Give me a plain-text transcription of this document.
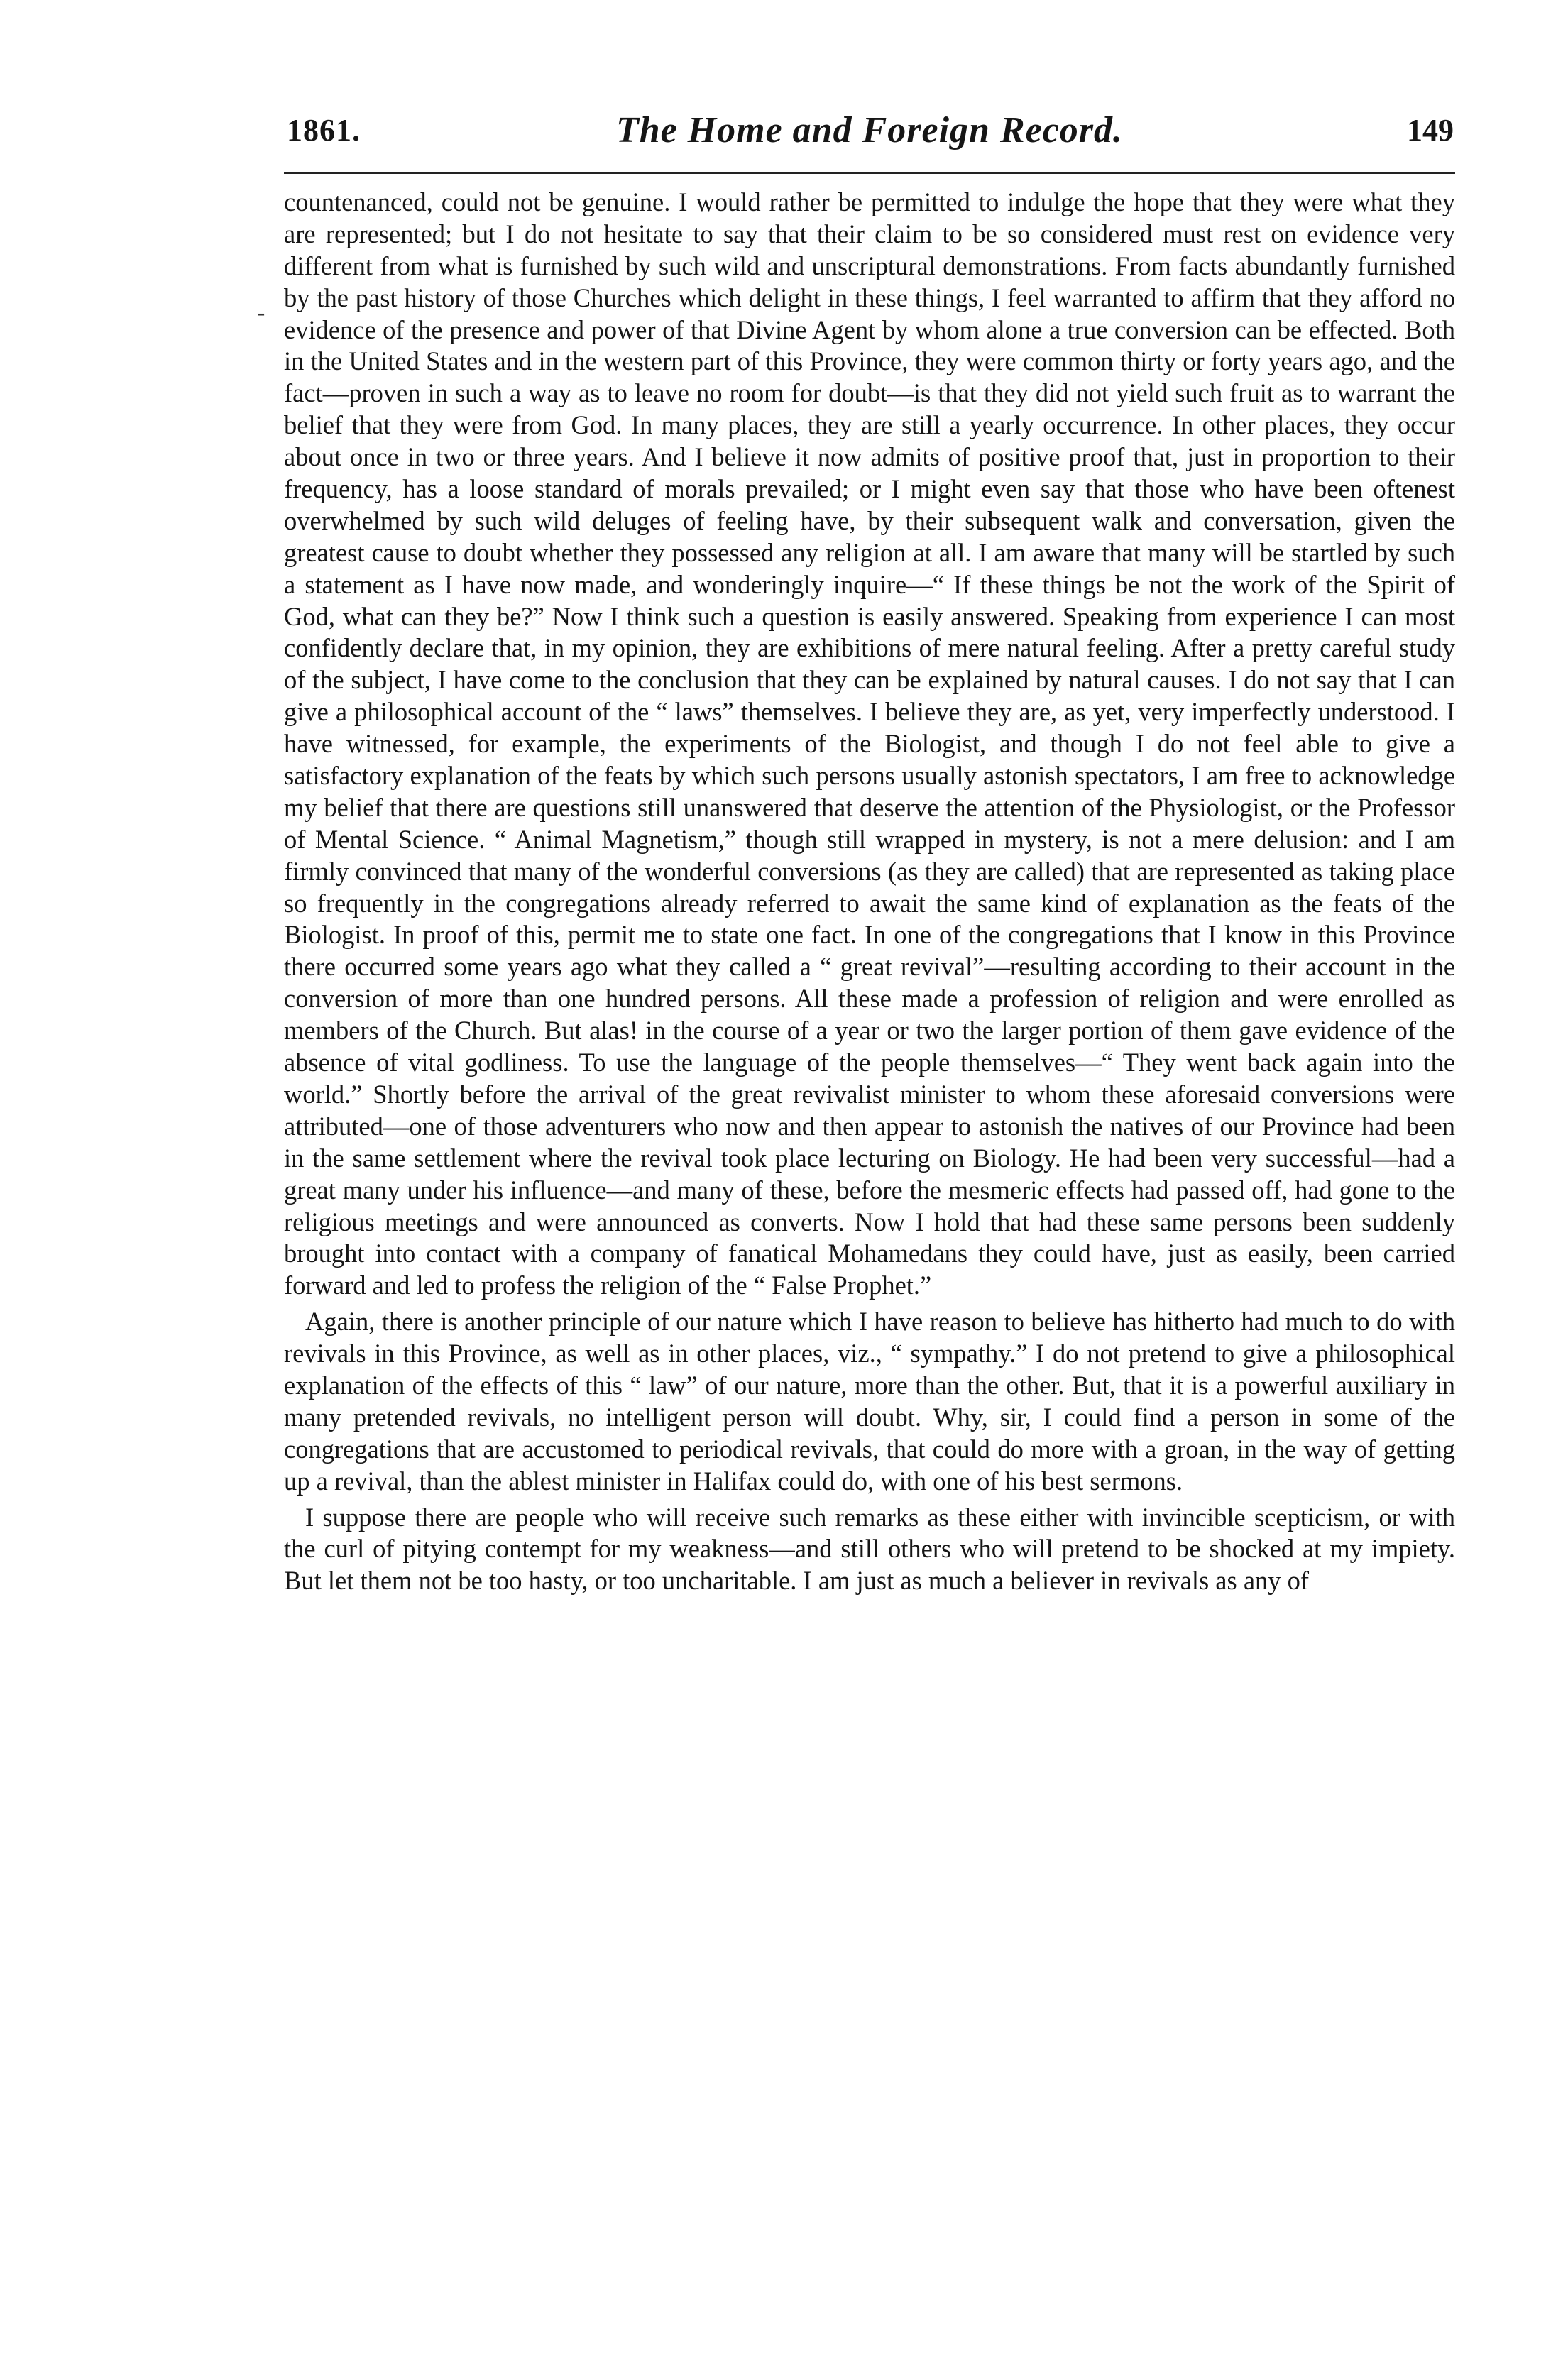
1861.	The Home and Foreign Record.	149

countenanced, could not be genuine. I would rather be permitted to indulge the hope that they were what they are represented; but I do not hesitate to say that their claim to be so considered must rest on evidence very different from what is furnished by such wild and unscriptural demonstrations. From facts abundantly furnished by the past history of those Churches which delight in these things, I feel warranted to affirm that they afford no evidence of the presence and power of that Divine Agent by whom alone a true conversion can be effected. Both in the United States and in the western part of this Province, they were common thirty or forty years ago, and the fact—proven in such a way as to leave no room for doubt—is that they did not yield such fruit as to warrant the belief that they were from God. In many places, they are still a yearly occurrence. In other places, they occur about once in two or three years. And I believe it now admits of positive proof that, just in proportion to their frequency, has a loose standard of morals prevailed; or I might even say that those who have been oftenest overwhelmed by such wild deluges of feeling have, by their subsequent walk and conversation, given the greatest cause to doubt whether they possessed any religion at all. I am aware that many will be startled by such a statement as I have now made, and wonderingly inquire—“ If these things be not the work of the Spirit of God, what can they be?” Now I think such a question is easily answered. Speaking from experience I can most confidently declare that, in my opinion, they are exhibitions of mere natural feeling. After a pretty careful study of the subject, I have come to the conclusion that they can be explained by natural causes. I do not say that I can give a philosophical account of the “ laws” themselves. I believe they are, as yet, very imperfectly understood. I have witnessed, for example, the experiments of the Biologist, and though I do not feel able to give a satisfactory explanation of the feats by which such persons usually astonish spectators, I am free to acknowledge my belief that there are questions still unanswered that deserve the attention of the Physiologist, or the Professor of Mental Science. “ Animal Magnetism,” though still wrapped in mystery, is not a mere delusion: and I am firmly convinced that many of the wonderful conversions (as they are called) that are represented as taking place so frequently in the congregations already referred to await the same kind of explanation as the feats of the Biologist. In proof of this, permit me to state one fact. In one of the congregations that I know in this Province there occurred some years ago what they called a “ great revival”—resulting according to their account in the conversion of more than one hundred persons. All these made a profession of religion and were enrolled as members of the Church. But alas! in the course of a year or two the larger portion of them gave evidence of the absence of vital godliness. To use the language of the people themselves—“ They went back again into the world.” Shortly before the arrival of the great revivalist minister to whom these aforesaid conversions were attributed—one of those adventurers who now and then appear to astonish the natives of our Province had been in the same settlement where the revival took place lecturing on Biology. He had been very successful—had a great many under his influence—and many of these, before the mesmeric effects had passed off, had gone to the religious meetings and were announced as converts. Now I hold that had these same persons been suddenly brought into contact with a company of fanatical Mohamedans they could have, just as easily, been carried forward and led to profess the religion of the “ False Prophet.”

Again, there is another principle of our nature which I have reason to believe has hitherto had much to do with revivals in this Province, as well as in other places, viz., “ sympathy.” I do not pretend to give a philosophical explanation of the effects of this “ law” of our nature, more than the other. But, that it is a powerful auxiliary in many pretended revivals, no intelligent person will doubt. Why, sir, I could find a person in some of the congregations that are accustomed to periodical revivals, that could do more with a groan, in the way of getting up a revival, than the ablest minister in Halifax could do, with one of his best sermons.

I suppose there are people who will receive such remarks as these either with invincible scepticism, or with the curl of pitying contempt for my weakness—and still others who will pretend to be shocked at my impiety. But let them not be too hasty, or too uncharitable. I am just as much a believer in revivals as any of

-
